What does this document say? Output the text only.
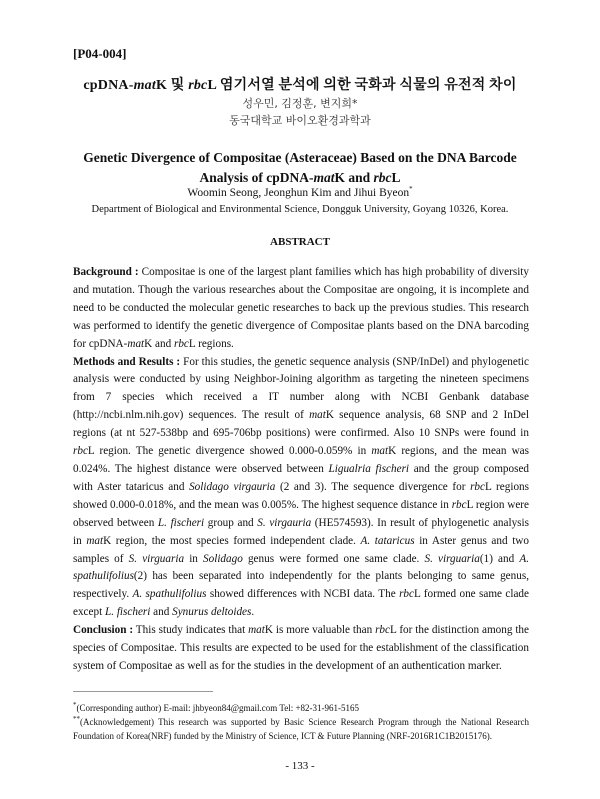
[P04-004]
cpDNA-matK 및 rbcL 염기서열 분석에 의한 국화과 식물의 유전적 차이
성우민, 김정훈, 변지희*
동국대학교 바이오환경과학과
Genetic Divergence of Compositae (Asteraceae) Based on the DNA Barcode
Analysis of cpDNA-matK and rbcL
Woomin Seong, Jeonghun Kim and Jihui Byeon*
Department of Biological and Environmental Science, Dongguk University, Goyang 10326, Korea.
ABSTRACT

Background : Compositae is one of the largest plant families which has high probability of diversity and mutation. Though the various researches about the Compositae are ongoing, it is incomplete and need to be conducted the molecular genetic researches to back up the previous studies. This research was performed to identify the genetic divergence of Compositae plants based on the DNA barcoding for cpDNA-matK and rbcL regions.

Methods and Results : For this studies, the genetic sequence analysis (SNP/InDel) and phylogenetic analysis were conducted by using Neighbor-Joining algorithm as targeting the nineteen specimens from 7 species which received a IT number along with NCBI Genbank database (http://ncbi.nlm.nih.gov) sequences. The result of matK sequence analysis, 68 SNP and 2 InDel regions (at nt 527-538bp and 695-706bp positions) were confirmed. Also 10 SNPs were found in rbcL region. The genetic divergence showed 0.000-0.059% in matK regions, and the mean was 0.024%. The highest distance were observed between Ligualria fischeri and the group composed with Aster tataricus and Solidago virgauria (2 and 3). The sequence divergence for rbcL regions showed 0.000-0.018%, and the mean was 0.005%. The highest sequence distance in rbcL region were observed between L. fischeri group and S. virgauria (HE574593). In result of phylogenetic analysis in matK region, the most species formed independent clade. A. tataricus in Aster genus and two samples of S. virguaria in Solidago genus were formed one same clade. S. virguaria(1) and A. spathulifolius(2) has been separated into independently for the plants belonging to same genus, respectively. A. spathulifolius showed differences with NCBI data. The rbcL formed one same clade except L. fischeri and Synurus deltoides.

Conclusion : This study indicates that matK is more valuable than rbcL for the distinction among the species of Compositae. This results are expected to be used for the establishment of the classification system of Compositae as well as for the studies in the development of an authentication marker.

*(Corresponding author) E-mail: jhbyeon84@gmail.com Tel: +82-31-961-5165
**(Acknowledgement) This research was supported by Basic Science Research Program through the National Research Foundation of Korea(NRF) funded by the Ministry of Science, ICT & Future Planning (NRF-2016R1C1B2015176).
- 133 -
